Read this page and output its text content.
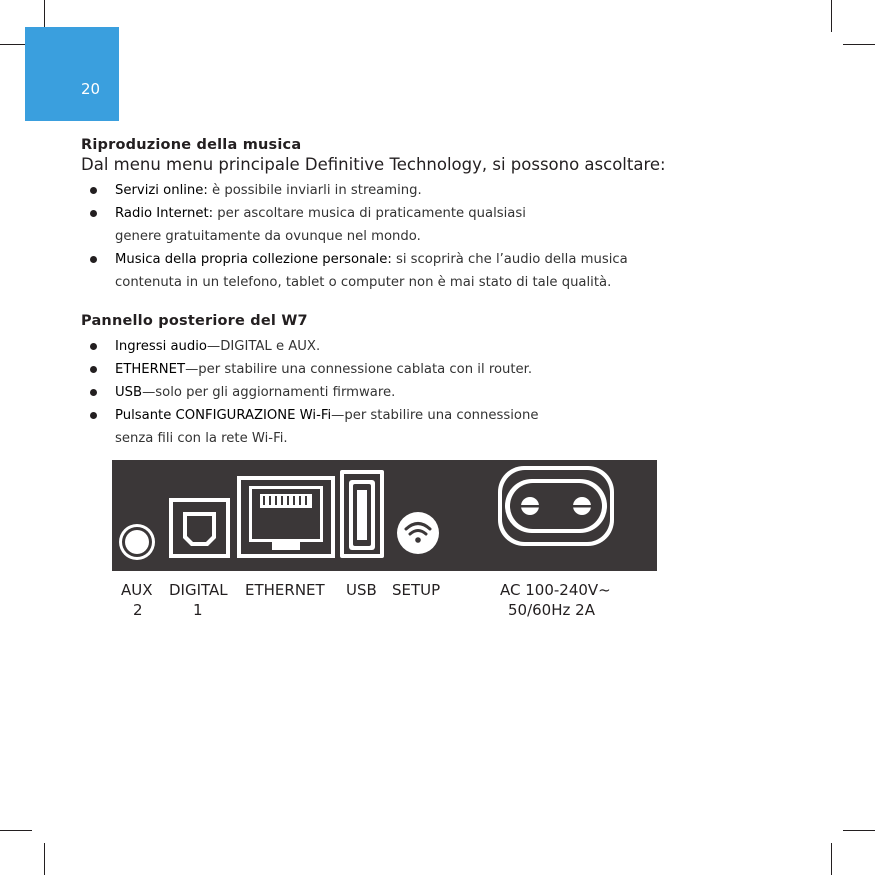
20
Riproduzione della musica
Dal menu menu principale Definitive Technology, si possono ascoltare:
Servizi online: è possibile inviarli in streaming.
Radio Internet: per ascoltare musica di praticamente qualsiasi
genere gratuitamente da ovunque nel mondo.
Musica della propria collezione personale: si scoprirà che l’audio della musica
contenuta in un telefono, tablet o computer non è mai stato di tale qualità.
Pannello posteriore del W7
Ingressi audio—DIGITAL e AUX.
ETHERNET—per stabilire una connessione cablata con il router.
USB—solo per gli aggiornamenti firmware.
Pulsante CONFIGURAZIONE Wi-Fi—per stabilire una connessione
senza fili con la rete Wi-Fi.
AUX
2
DIGITAL
1
ETHERNET USB SETUP	AC 100-240V~
50/60Hz 2A
